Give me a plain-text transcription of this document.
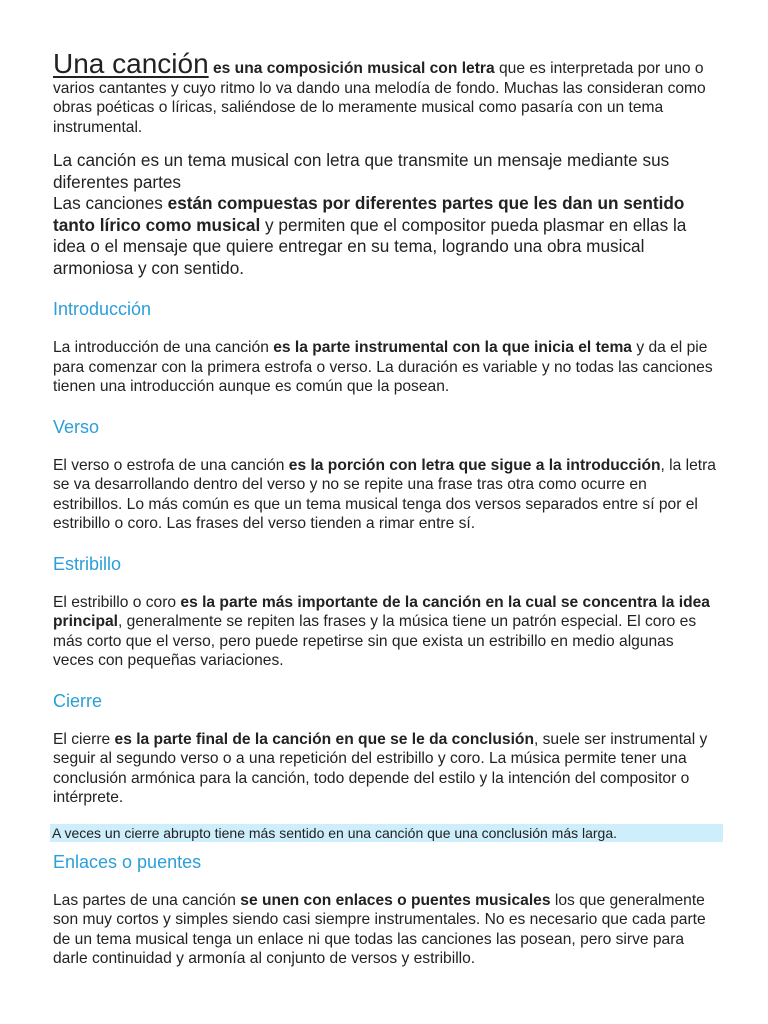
Una canción es una composición musical con letra que es interpretada por uno o varios cantantes y cuyo ritmo lo va dando una melodía de fondo. Muchas las consideran como obras poéticas o líricas, saliéndose de lo meramente musical como pasaría con un tema instrumental.

La canción es un tema musical con letra que transmite un mensaje mediante sus diferentes partes

Las canciones están compuestas por diferentes partes que les dan un sentido tanto lírico como musical y permiten que el compositor pueda plasmar en ellas la idea o el mensaje que quiere entregar en su tema, logrando una obra musical armoniosa y con sentido.

Introducción

La introducción de una canción es la parte instrumental con la que inicia el tema y da el pie para comenzar con la primera estrofa o verso. La duración es variable y no todas las canciones tienen una introducción aunque es común que la posean.

Verso

El verso o estrofa de una canción es la porción con letra que sigue a la introducción, la letra se va desarrollando dentro del verso y no se repite una frase tras otra como ocurre en estribillos. Lo más común es que un tema musical tenga dos versos separados entre sí por el estribillo o coro. Las frases del verso tienden a rimar entre sí.

Estribillo

El estribillo o coro es la parte más importante de la canción en la cual se concentra la idea principal, generalmente se repiten las frases y la música tiene un patrón especial. El coro es más corto que el verso, pero puede repetirse sin que exista un estribillo en medio algunas veces con pequeñas variaciones.

Cierre

El cierre es la parte final de la canción en que se le da conclusión, suele ser instrumental y seguir al segundo verso o a una repetición del estribillo y coro. La música permite tener una conclusión armónica para la canción, todo depende del estilo y la intención del compositor o intérprete.

A veces un cierre abrupto tiene más sentido en una canción que una conclusión más larga.

Enlaces o puentes

Las partes de una canción se unen con enlaces o puentes musicales los que generalmente son muy cortos y simples siendo casi siempre instrumentales. No es necesario que cada parte de un tema musical tenga un enlace ni que todas las canciones las posean, pero sirve para darle continuidad y armonía al conjunto de versos y estribillo.
